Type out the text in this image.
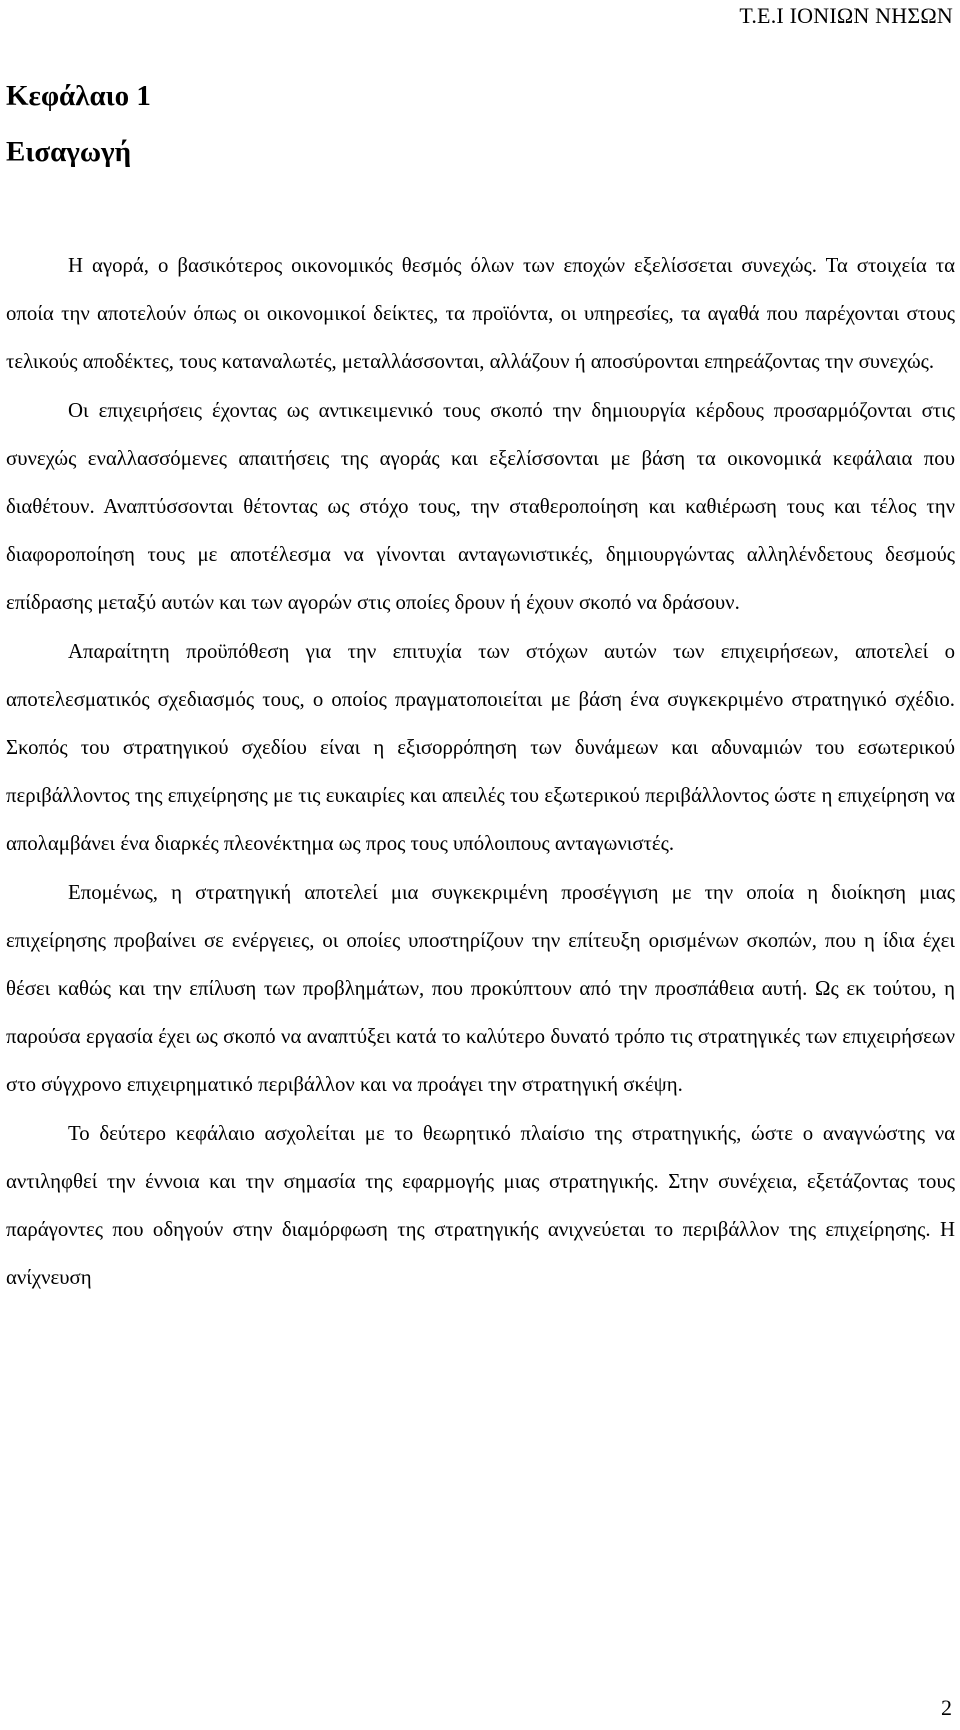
Τ.Ε.Ι ΙΟΝΙΩΝ ΝΗΣΩΝ
Κεφάλαιο 1
Εισαγωγή

Η αγορά, ο βασικότερος οικονομικός θεσμός όλων των εποχών εξελίσσεται συνεχώς. Τα στοιχεία τα οποία την αποτελούν όπως οι οικονομικοί δείκτες, τα προϊόντα, οι υπηρεσίες, τα αγαθά που παρέχονται στους τελικούς αποδέκτες, τους καταναλωτές, μεταλλάσσονται, αλλάζουν ή αποσύρονται επηρεάζοντας την συνεχώς.

Οι επιχειρήσεις έχοντας ως αντικειμενικό τους σκοπό την δημιουργία κέρδους προσαρμόζονται στις συνεχώς εναλλασσόμενες απαιτήσεις της αγοράς και εξελίσσονται με βάση τα οικονομικά κεφάλαια που διαθέτουν. Αναπτύσσονται θέτοντας ως στόχο τους, την σταθεροποίηση και καθιέρωση τους και τέλος την διαφοροποίηση τους με αποτέλεσμα να γίνονται ανταγωνιστικές, δημιουργώντας αλληλένδετους δεσμούς επίδρασης μεταξύ αυτών και των αγορών στις οποίες δρουν ή έχουν σκοπό να δράσουν.

Απαραίτητη προϋπόθεση για την επιτυχία των στόχων αυτών των επιχειρήσεων, αποτελεί ο αποτελεσματικός σχεδιασμός τους, ο οποίος πραγματοποιείται με βάση ένα συγκεκριμένο στρατηγικό σχέδιο. Σκοπός του στρατηγικού σχεδίου είναι η εξισορρόπηση των δυνάμεων και αδυναμιών του εσωτερικού περιβάλλοντος της επιχείρησης με τις ευκαιρίες και απειλές του εξωτερικού περιβάλλοντος ώστε η επιχείρηση να απολαμβάνει ένα διαρκές πλεονέκτημα ως προς τους υπόλοιπους ανταγωνιστές.

Επομένως, η στρατηγική αποτελεί μια συγκεκριμένη προσέγγιση με την οποία η διοίκηση μιας επιχείρησης προβαίνει σε ενέργειες, οι οποίες υποστηρίζουν την επίτευξη ορισμένων σκοπών, που η ίδια έχει θέσει καθώς και την επίλυση των προβλημάτων, που προκύπτουν από την προσπάθεια αυτή. Ως εκ τούτου, η παρούσα εργασία έχει ως σκοπό να αναπτύξει κατά το καλύτερο δυνατό τρόπο τις στρατηγικές των επιχειρήσεων στο σύγχρονο επιχειρηματικό περιβάλλον και να προάγει την στρατηγική σκέψη.

Το δεύτερο κεφάλαιο ασχολείται με το θεωρητικό πλαίσιο της στρατηγικής, ώστε ο αναγνώστης να αντιληφθεί την έννοια και την σημασία της εφαρμογής μιας στρατηγικής. Στην συνέχεια, εξετάζοντας τους παράγοντες που οδηγούν στην διαμόρφωση της στρατηγικής ανιχνεύεται το περιβάλλον της επιχείρησης. Η ανίχνευση

2
